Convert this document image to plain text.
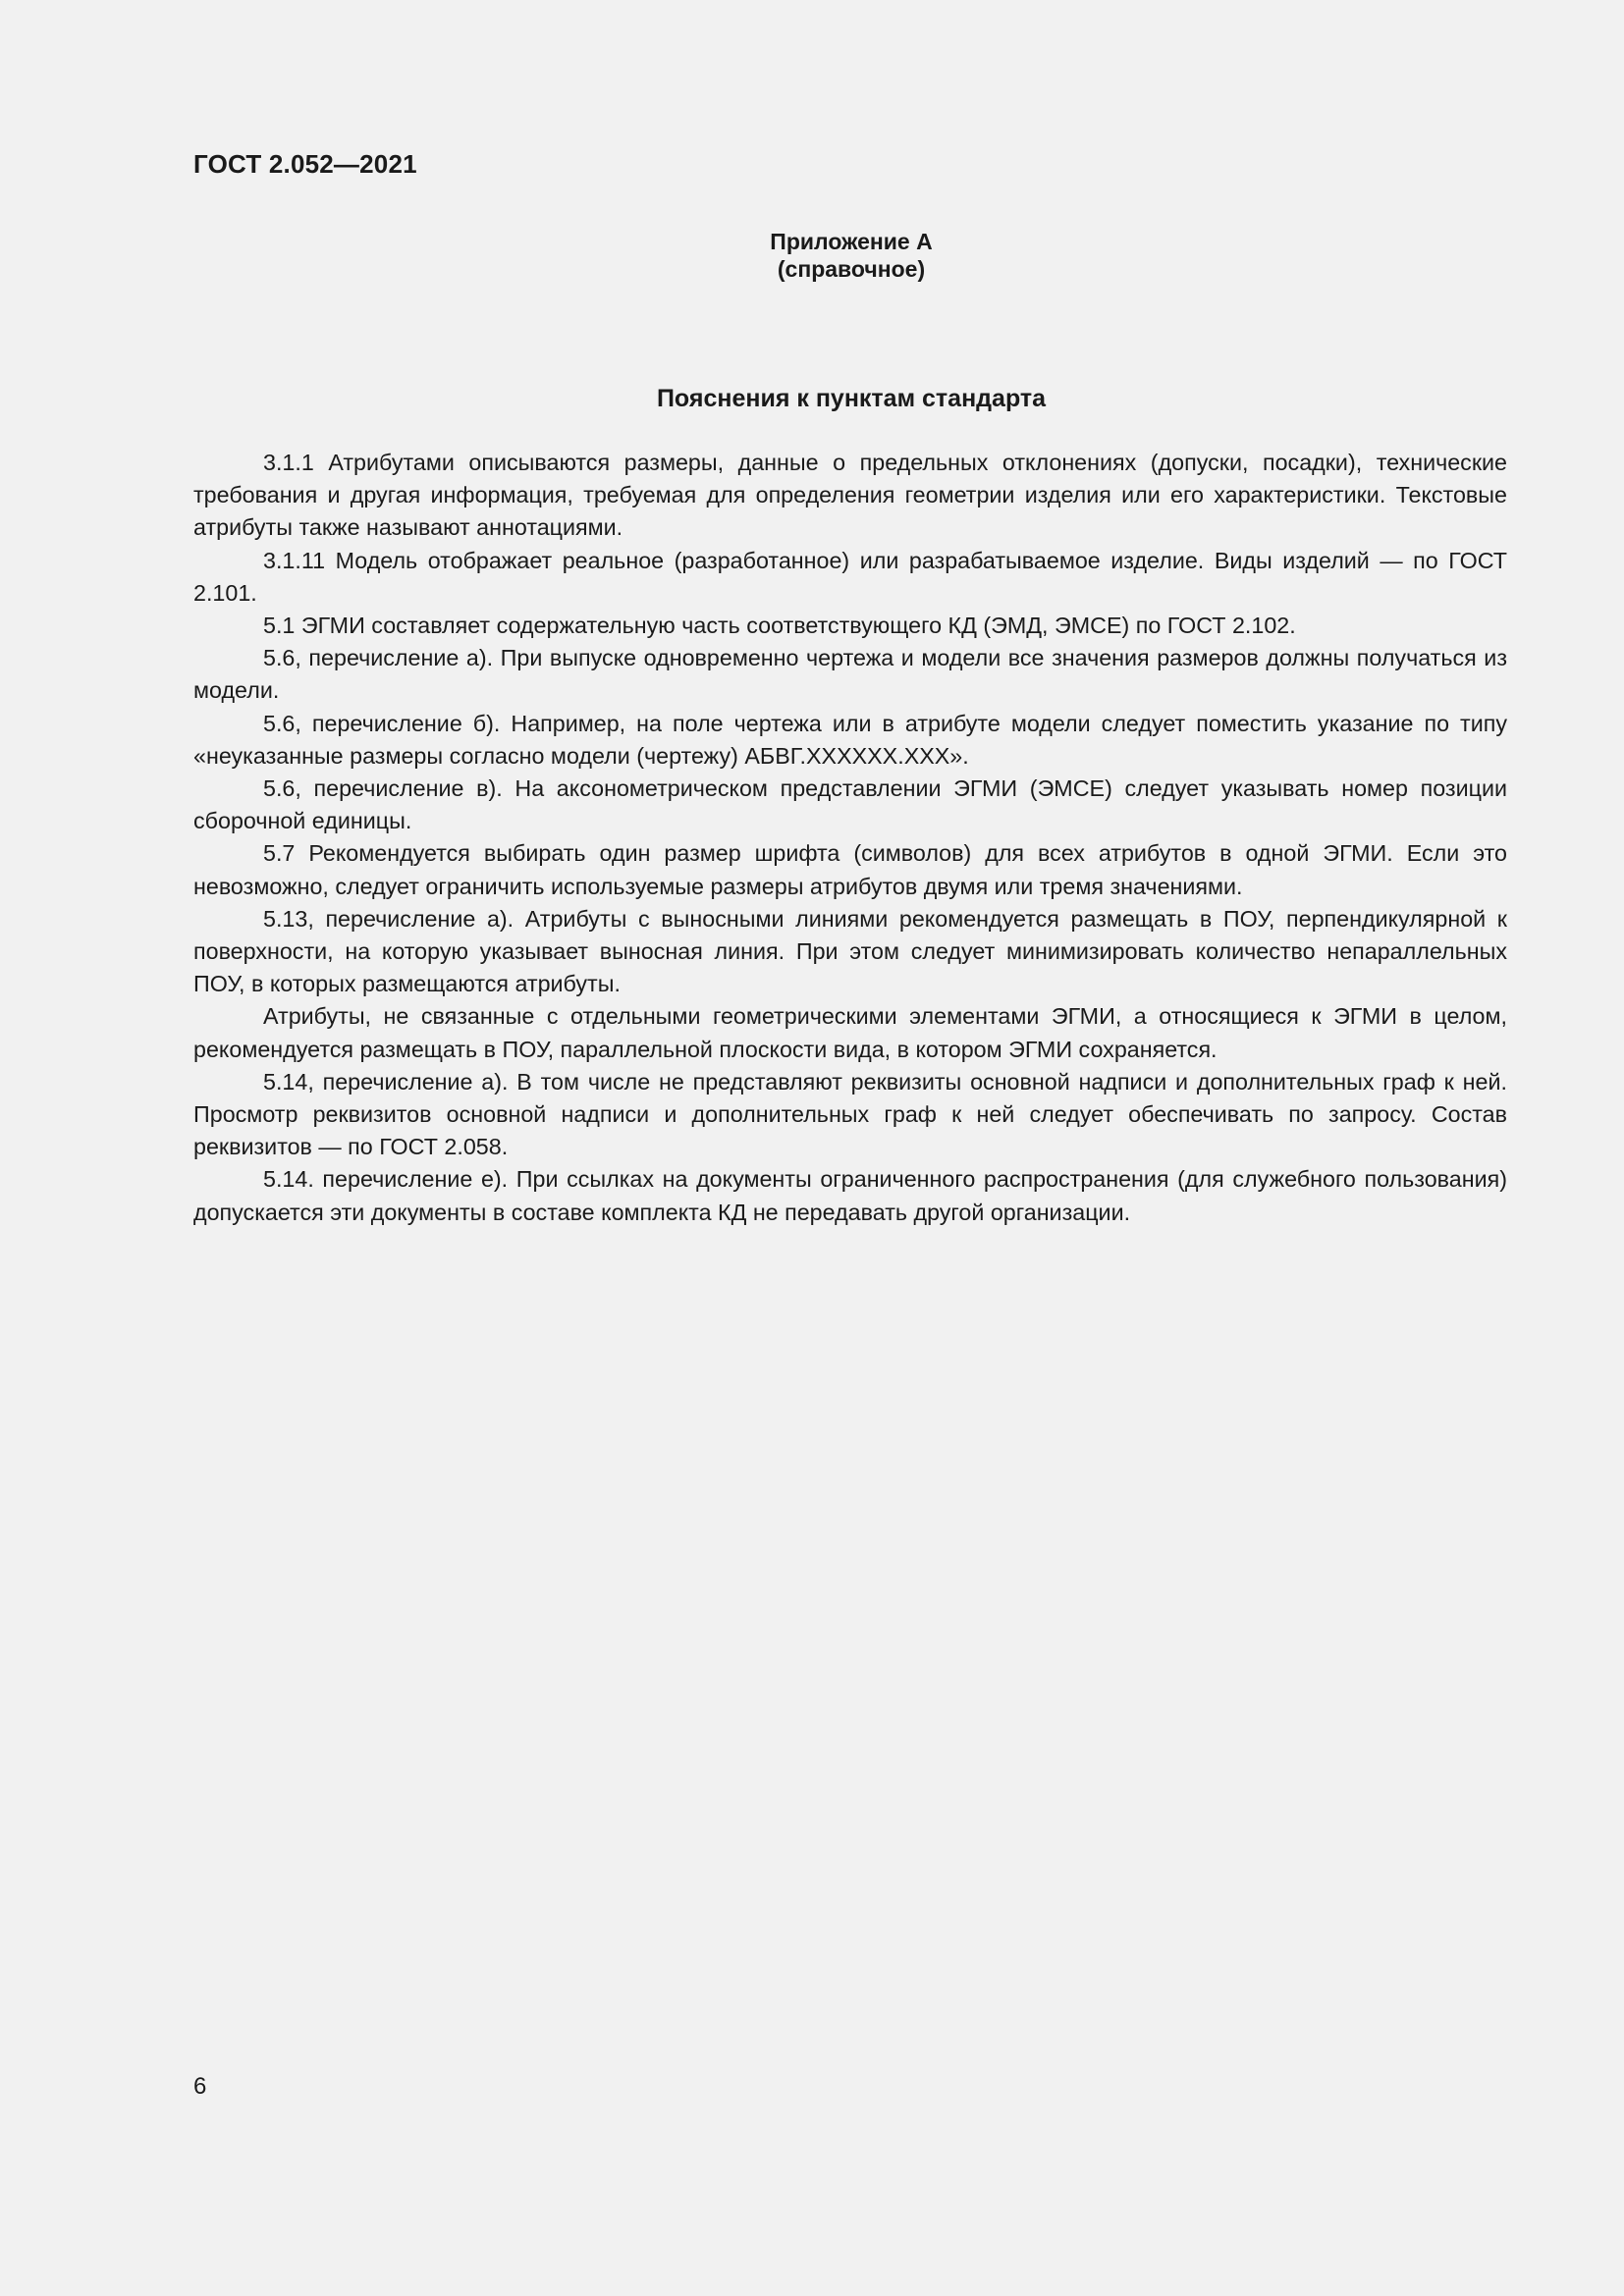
ГОСТ 2.052—2021
Приложение А
(справочное)
Пояснения к пунктам стандарта

3.1.1 Атрибутами описываются размеры, данные о предельных отклонениях (допуски, посадки), технические требования и другая информация, требуемая для определения геометрии изделия или его характеристики. Текстовые атрибуты также называют аннотациями.

3.1.11 Модель отображает реальное (разработанное) или разрабатываемое изделие. Виды изделий — по ГОСТ 2.101.

5.1 ЭГМИ составляет содержательную часть соответствующего КД (ЭМД, ЭМСЕ) по ГОСТ 2.102.

5.6, перечисление а). При выпуске одновременно чертежа и модели все значения размеров должны получаться из модели.

5.6, перечисление б). Например, на поле чертежа или в атрибуте модели следует поместить указание по типу «неуказанные размеры согласно модели (чертежу) АБВГ.XXXXXX.XXX».

5.6, перечисление в). На аксонометрическом представлении ЭГМИ (ЭМСЕ) следует указывать номер позиции сборочной единицы.

5.7 Рекомендуется выбирать один размер шрифта (символов) для всех атрибутов в одной ЭГМИ. Если это невозможно, следует ограничить используемые размеры атрибутов двумя или тремя значениями.

5.13, перечисление а). Атрибуты с выносными линиями рекомендуется размещать в ПОУ, перпендикулярной к поверхности, на которую указывает выносная линия. При этом следует минимизировать количество непараллельных ПОУ, в которых размещаются атрибуты.

Атрибуты, не связанные с отдельными геометрическими элементами ЭГМИ, а относящиеся к ЭГМИ в целом, рекомендуется размещать в ПОУ, параллельной плоскости вида, в котором ЭГМИ сохраняется.

5.14, перечисление а). В том числе не представляют реквизиты основной надписи и дополнительных граф к ней. Просмотр реквизитов основной надписи и дополнительных граф к ней следует обеспечивать по запросу. Состав реквизитов — по ГОСТ 2.058.

5.14. перечисление е). При ссылках на документы ограниченного распространения (для служебного пользования) допускается эти документы в составе комплекта КД не передавать другой организации.

6
